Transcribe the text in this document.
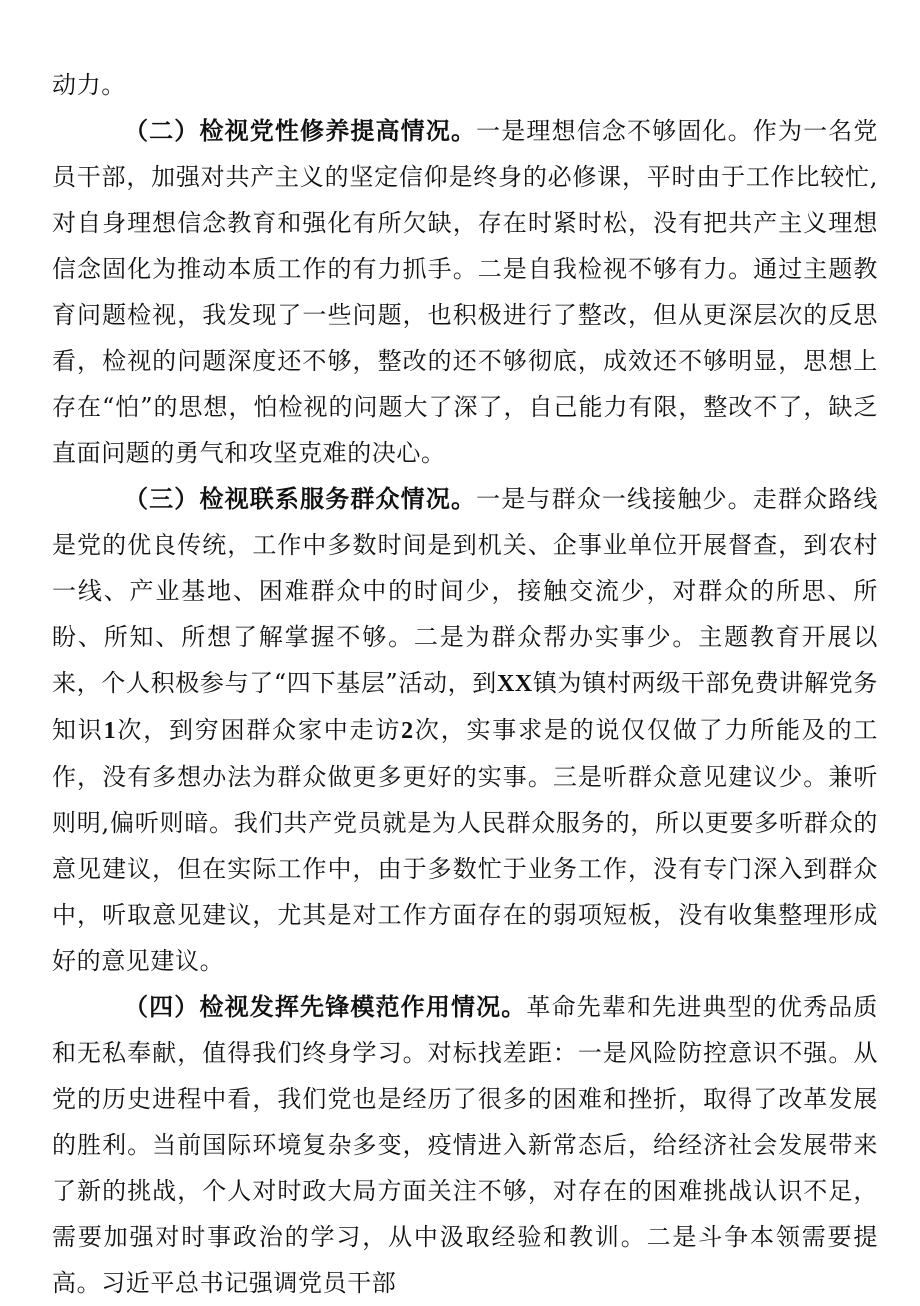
动力。

（二）检视党性修养提高情况。一是理想信念不够固化。作为一名党员干部，加强对共产主义的坚定信仰是终身的必修课，平时由于工作比较忙,对自身理想信念教育和强化有所欠缺，存在时紧时松，没有把共产主义理想信念固化为推动本质工作的有力抓手。二是自我检视不够有力。通过主题教育问题检视，我发现了一些问题，也积极进行了整改，但从更深层次的反思看，检视的问题深度还不够，整改的还不够彻底，成效还不够明显，思想上存在“怕”的思想，怕检视的问题大了深了，自己能力有限，整改不了，缺乏直面问题的勇气和攻坚克难的决心。

（三）检视联系服务群众情况。一是与群众一线接触少。走群众路线是党的优良传统，工作中多数时间是到机关、企事业单位开展督查，到农村一线、产业基地、困难群众中的时间少，接触交流少，对群众的所思、所盼、所知、所想了解掌握不够。二是为群众帮办实事少。主题教育开展以来，个人积极参与了“四下基层”活动，到XX镇为镇村两级干部免费讲解党务知识1次，到穷困群众家中走访2次，实事求是的说仅仅做了力所能及的工作，没有多想办法为群众做更多更好的实事。三是听群众意见建议少。兼听则明,偏听则暗。我们共产党员就是为人民群众服务的，所以更要多听群众的意见建议，但在实际工作中，由于多数忙于业务工作，没有专门深入到群众中，听取意见建议，尤其是对工作方面存在的弱项短板，没有收集整理形成好的意见建议。

（四）检视发挥先锋模范作用情况。革命先辈和先进典型的优秀品质和无私奉献，值得我们终身学习。对标找差距：一是风险防控意识不强。从党的历史进程中看，我们党也是经历了很多的困难和挫折，取得了改革发展的胜利。当前国际环境复杂多变，疫情进入新常态后，给经济社会发展带来了新的挑战，个人对时政大局方面关注不够，对存在的困难挑战认识不足，需要加强对时事政治的学习，从中汲取经验和教训。二是斗争本领需要提高。习近平总书记强调党员干部
